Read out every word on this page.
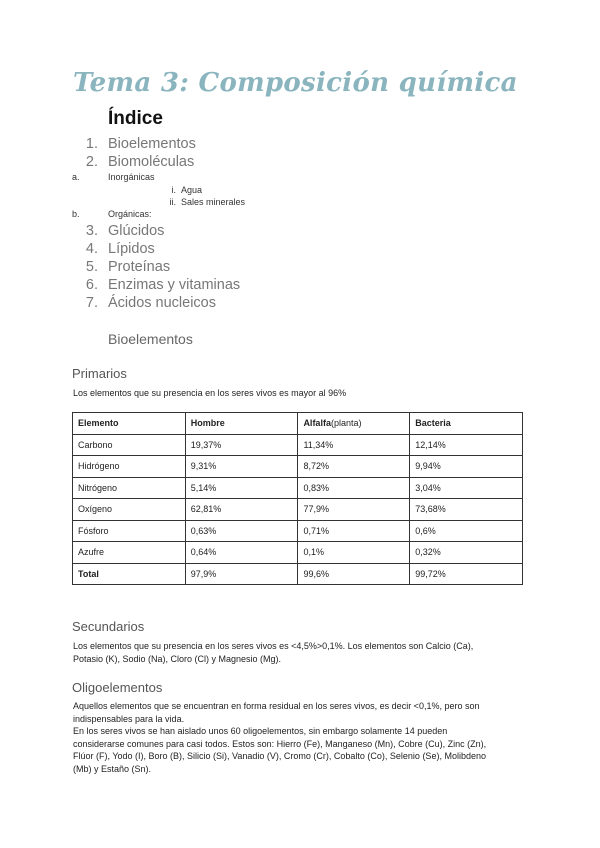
Tema 3: Composición química
Índice
1. Bioelementos
2. Biomoléculas
a.	Inorgánicas
i. Agua
ii. Sales minerales
b.	Orgánicas:
3. Glúcidos
4. Lípidos
5. Proteínas
6. Enzimas y vitaminas
7. Ácidos nucleicos
Bioelementos
Primarios
Los elementos que su presencia en los seres vivos es mayor al 96%
Elemento	Hombre	Alfalfa(planta)	Bacteria
Carbono	19,37%	11,34%	12,14%
Hidrógeno	9,31%	8,72%	9,94%
Nitrógeno	5,14%	0,83%	3,04%
Oxígeno	62,81%	77,9%	73,68%
Fósforo	0,63%	0,71%	0,6%
Azufre	0,64%	0,1%	0,32%
Total	97,9%	99,6%	99,72%
Secundarios
Los elementos que su presencia en los seres vivos es <4,5%>0,1%. Los elementos son Calcio (Ca),
Potasio (K), Sodio (Na), Cloro (Cl) y Magnesio (Mg).
Oligoelementos
Aquellos elementos que se encuentran en forma residual en los seres vivos, es decir <0,1%, pero son
indispensables para la vida.
En los seres vivos se han aislado unos 60 oligoelementos, sin embargo solamente 14 pueden
considerarse comunes para casi todos. Estos son: Hierro (Fe), Manganeso (Mn), Cobre (Cu), Zinc (Zn),
Flúor (F), Yodo (I), Boro (B), Silicio (Si), Vanadio (V), Cromo (Cr), Cobalto (Co), Selenio (Se), Molibdeno
(Mb) y Estaño (Sn).
